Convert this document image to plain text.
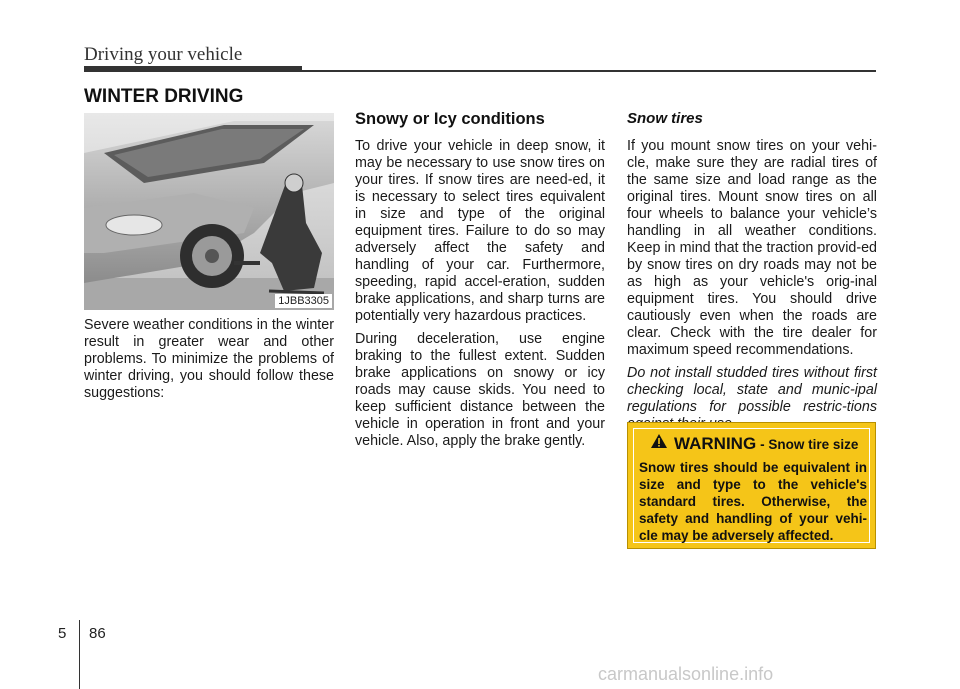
Driving your vehicle
WINTER DRIVING
1JBB3305

Severe weather conditions in the winter result in greater wear and other problems. To minimize the problems of winter driving, you should follow these suggestions:

Snowy or Icy conditions

To drive your vehicle in deep snow, it may be necessary to use snow tires on your tires. If snow tires are need-ed, it is necessary to select tires equivalent in size and type of the original equipment tires. Failure to do so may adversely affect the safety and handling of your car. Furthermore, speeding, rapid accel-eration, sudden brake applications, and sharp turns are potentially very hazardous practices.

During deceleration, use engine braking to the fullest extent. Sudden brake applications on snowy or icy roads may cause skids. You need to keep sufficient distance between the vehicle in operation in front and your vehicle. Also, apply the brake gently.

Snow tires

If you mount snow tires on your vehi-cle, make sure they are radial tires of the same size and load range as the original tires. Mount snow tires on all four wheels to balance your vehicle’s handling in all weather conditions. Keep in mind that the traction provid-ed by snow tires on dry roads may not be as high as your vehicle's orig-inal equipment tires. You should drive cautiously even when the roads are clear. Check with the tire dealer for maximum speed recommendations.

Do not install studded tires without first checking local, state and munic-ipal regulations for possible restric-tions

WARNING - Snow tire size
Snow tires should be equivalent in size and type to the vehicle's standard tires. Otherwise, the safety and handling of your vehi-cle may be adversely affected.
5 86
carmanualsonline.info
